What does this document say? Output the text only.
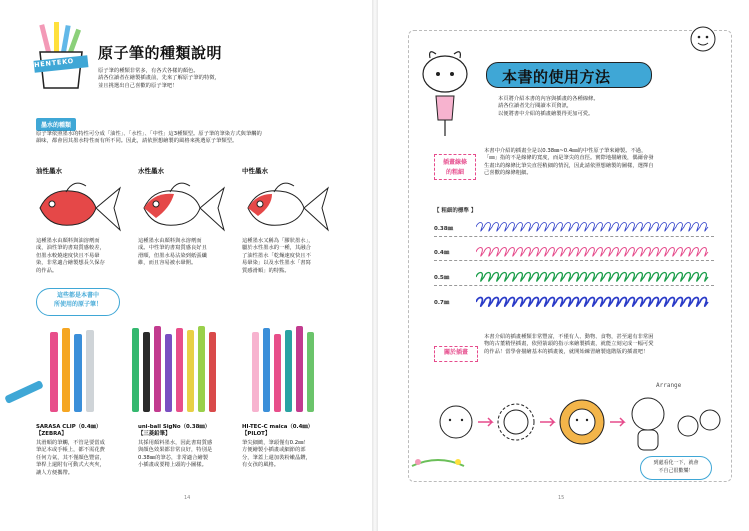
HENTEKO
原子筆的種類說明
原子筆的種類非常多，有各式各樣的顏色。
請各位讀者在繪製插畫前，先來了解原子筆的特徵，
並且挑選出自己喜歡的原子筆吧！
墨水的種類
原子筆依照墨水的特性可分成「油性」、「水性」、「中性」這3種類型。原子筆的筆染方式與筆觸的
韻味，都會因其墨水特性而有所不同。因此，請依照想繪製的風格來挑選原子筆類型。
油性墨水	水性墨水	中性墨水
這種墨水由顏料與油溶劑而
成，油性筆的書寫質感較差，
但墨水較燒速度快且不易暈
染，非常適合繪製想長久保存
的作品。
這種墨水由顏料與水溶劑而
成。中性筆的書寫質感良好且
滑順，但墨水易沾染到紙張纖
維，而且容易被水暈開。
這種墨水又稱為「膠狀墨水」，
屬於水性墨水的一種，其融合
了油性墨水「乾燥速度快且不
易暈染」以及水性墨水「書寫
質感滑順」的特點。
這些都是本書中
所使用的原子筆！
SARASA CLIP（0.4㎜）
【ZEBRA】
其滑順的筆觸，不管是要當成
筆記本或手帳上，都不需花費
任何力氣，其不僅顏色豐富，
筆桿上還附有可動式大夾夾，
讓人方便攜帶。
uni-ball SigNo（0.38㎜）
【三菱鉛筆】
其採用顏料墨水，因此書寫質感
與顏色效果都非常良好，特別是
0.38㎜的筆芯，非常適合繪製
小插畫或要精上頭的小圖樣。
HI-TEC-C maica（0.4㎜）
【PILOT】
筆尖細緻，筆頭僅有0.2㎜！
方便繪製小插畫或細節的部
分，筆蓋上還加裝粉嫩晶鑽，
有女孩的風格。
14
本書的使用方法
本頁將介紹本書的內容與插畫的各種線條。
請各位讀者先行閱讀本頁資訊，
以便將書中介紹的插畫繪製得更加可愛。
插畫線條
的粗細
本書中介紹的插畫全是以0.38㎜~0.4㎜的中性原子筆來繪製。不過，
「㎜」指的不是線條的寬度，而是筆尖的直徑。實際地描繪後，偶爾會發
生畫出的線條比筆尖直徑稍細的情況，因此請依照想繪製的圖樣，選擇自
己喜歡的線條粗細。
【 粗細的標準 】
0.38㎜
0.4㎜
0.5㎜
0.7㎜
關於插畫
本書介紹的插畫種類非常豐富，不僅有人、動物、食物，甚至還有非常困
物的古董精怪插畫，依照箭頭的指示來繪製插畫，就能立刻完成一幅可愛
的作品！當學會描繪基本的插畫後，就開始練習繪製進階版的插畫吧！
Arrange
到處看化一下，就會
不自己很歡樂！
15
